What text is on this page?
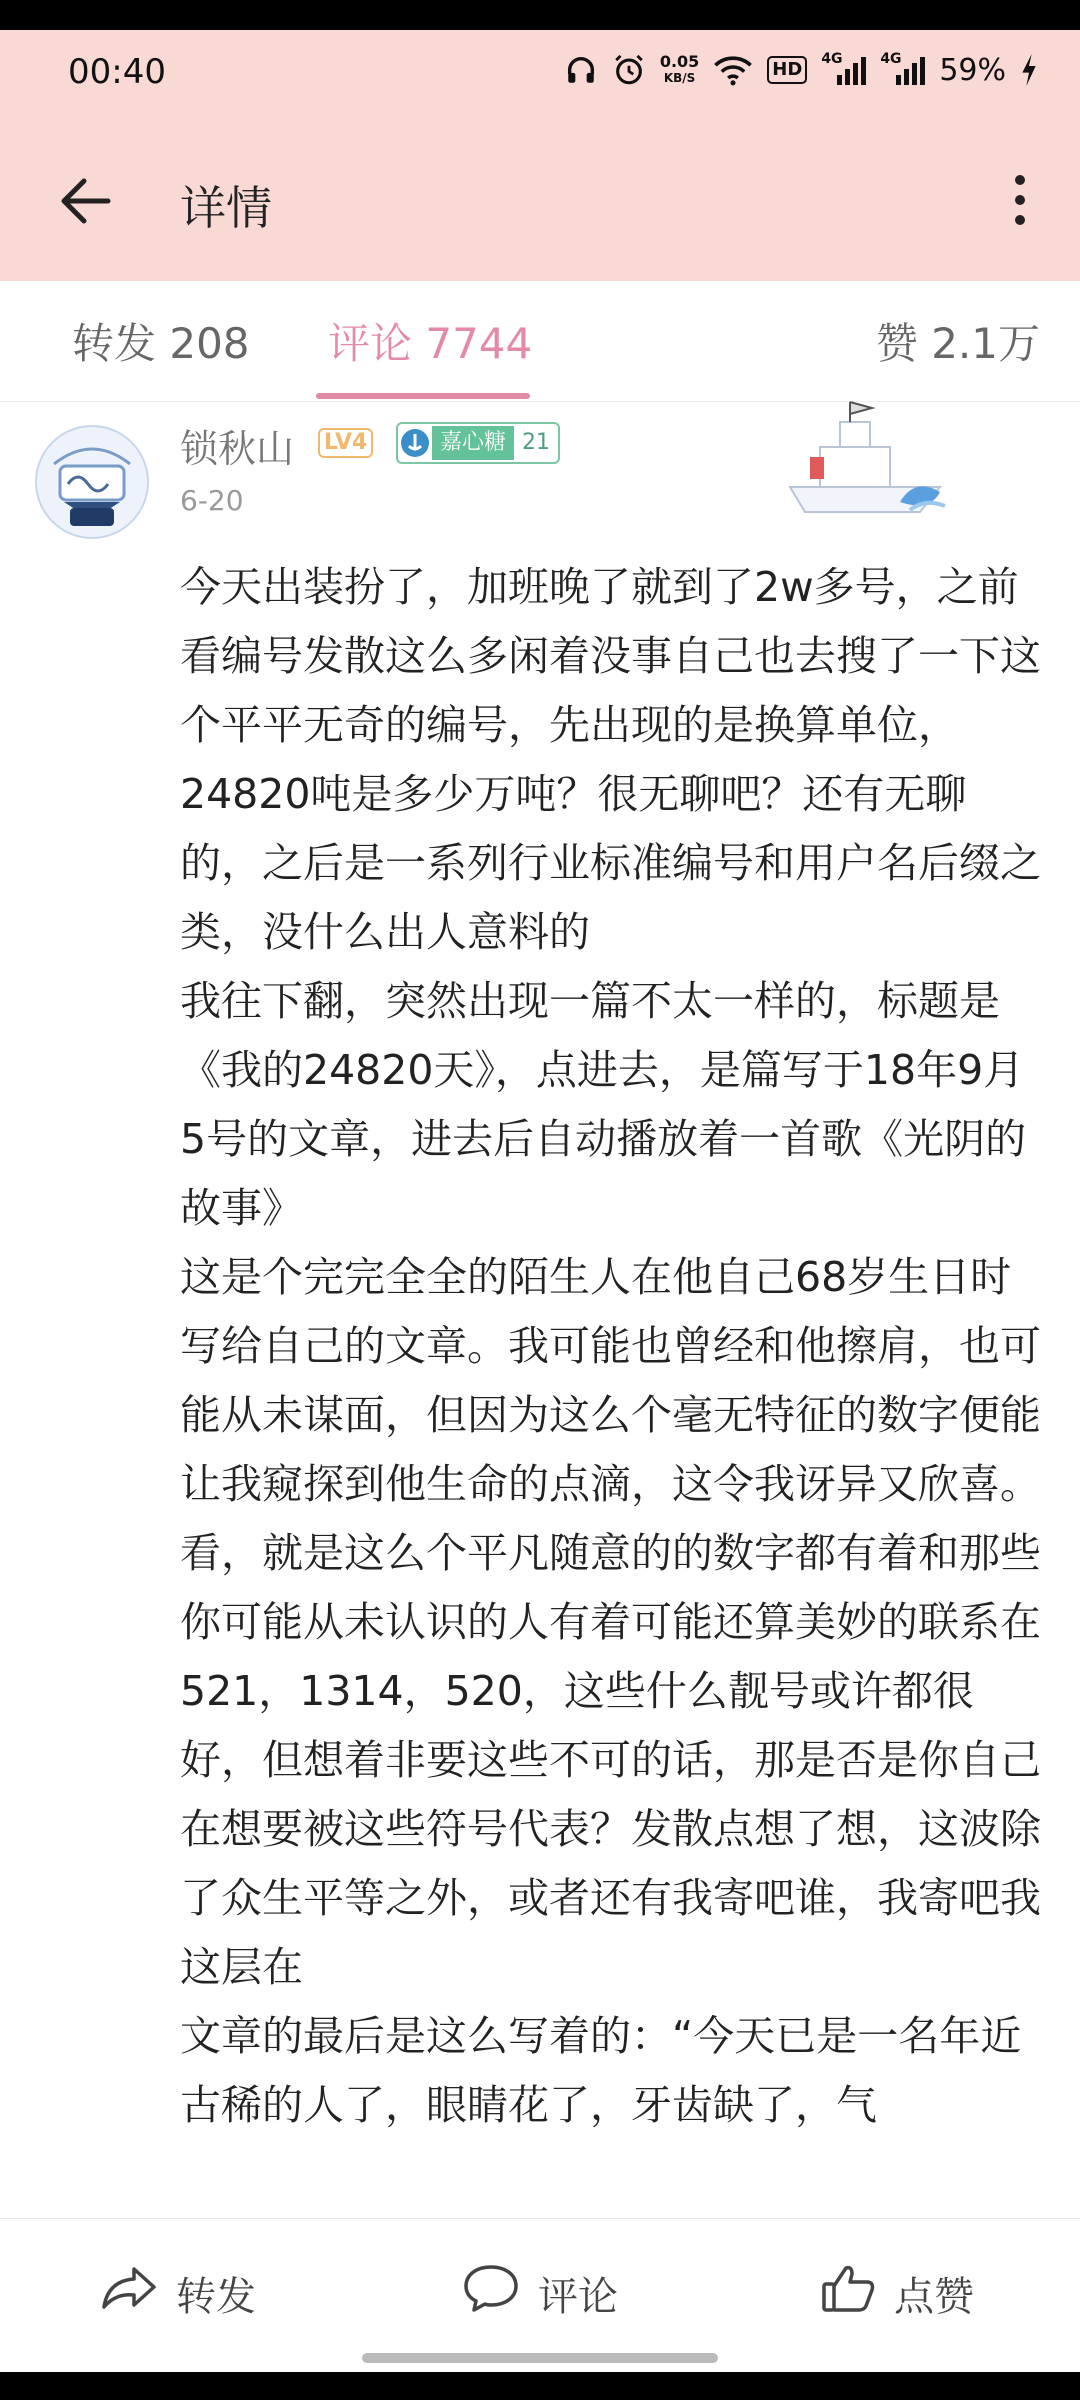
00:40	0.05
KB/S	HD	4G	4G 59%
详情
转发 208 评论 7744	赞 2.1万
锁秋山 LV4	嘉心糖 21
6-20
今天出装扮了，加班晚了就到了2w多号，之前看编号发散这么多闲着没事自己也去搜了一下这个平平无奇的编号，先出现的是换算单位，24820吨是多少万吨？很无聊吧？还有无聊的，之后是一系列行业标准编号和用户名后缀之类，没什么出人意料的
我往下翻，突然出现一篇不太一样的，标题是《我的24820天》，点进去，是篇写于18年9月5号的文章，进去后自动播放着一首歌《光阴的故事》
这是个完完全全的陌生人在他自己68岁生日时写给自己的文章。我可能也曾经和他擦肩，也可能从未谋面，但因为这么个毫无特征的数字便能让我窥探到他生命的点滴，这令我讶异又欣喜。看，就是这么个平凡随意的的数字都有着和那些你可能从未认识的人有着可能还算美妙的联系在
521，1314，520，这些什么靓号或许都很好，但想着非要这些不可的话，那是否是你自己在想要被这些符号代表？发散点想了想，这波除了众生平等之外，或者还有我寄吧谁，我寄吧我这层在
文章的最后是这么写着的：“今天已是一名年近古稀的人了，眼睛花了，牙齿缺了，气
转发	评论	点赞
